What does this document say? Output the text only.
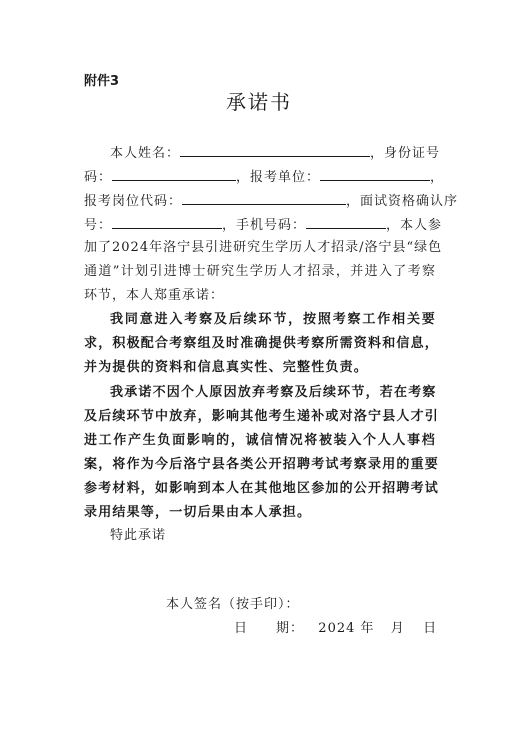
附件3
承诺书
本人姓名：	，身份证号
码：	，报考单位：	，
报考岗位代码：	，面试资格确认序
号：	，手机号码：	，本人参
加了2024年洛宁县引进研究生学历人才招录/洛宁县“绿色
通道”计划引进博士研究生学历人才招录，并进入了考察
环节，本人郑重承诺：
我同意进入考察及后续环节，按照考察工作相关要
求，积极配合考察组及时准确提供考察所需资料和信息，
并为提供的资料和信息真实性、完整性负责。
我承诺不因个人原因放弃考察及后续环节，若在考察
及后续环节中放弃，影响其他考生递补或对洛宁县人才引
进工作产生负面影响的，诚信情况将被装入个人人事档
案，将作为今后洛宁县各类公开招聘考试考察录用的重要
参考材料，如影响到本人在其他地区参加的公开招聘考试
录用结果等，一切后果由本人承担。
特此承诺
本人签名（按手印）：
日　　期： 2024 年 月 日
